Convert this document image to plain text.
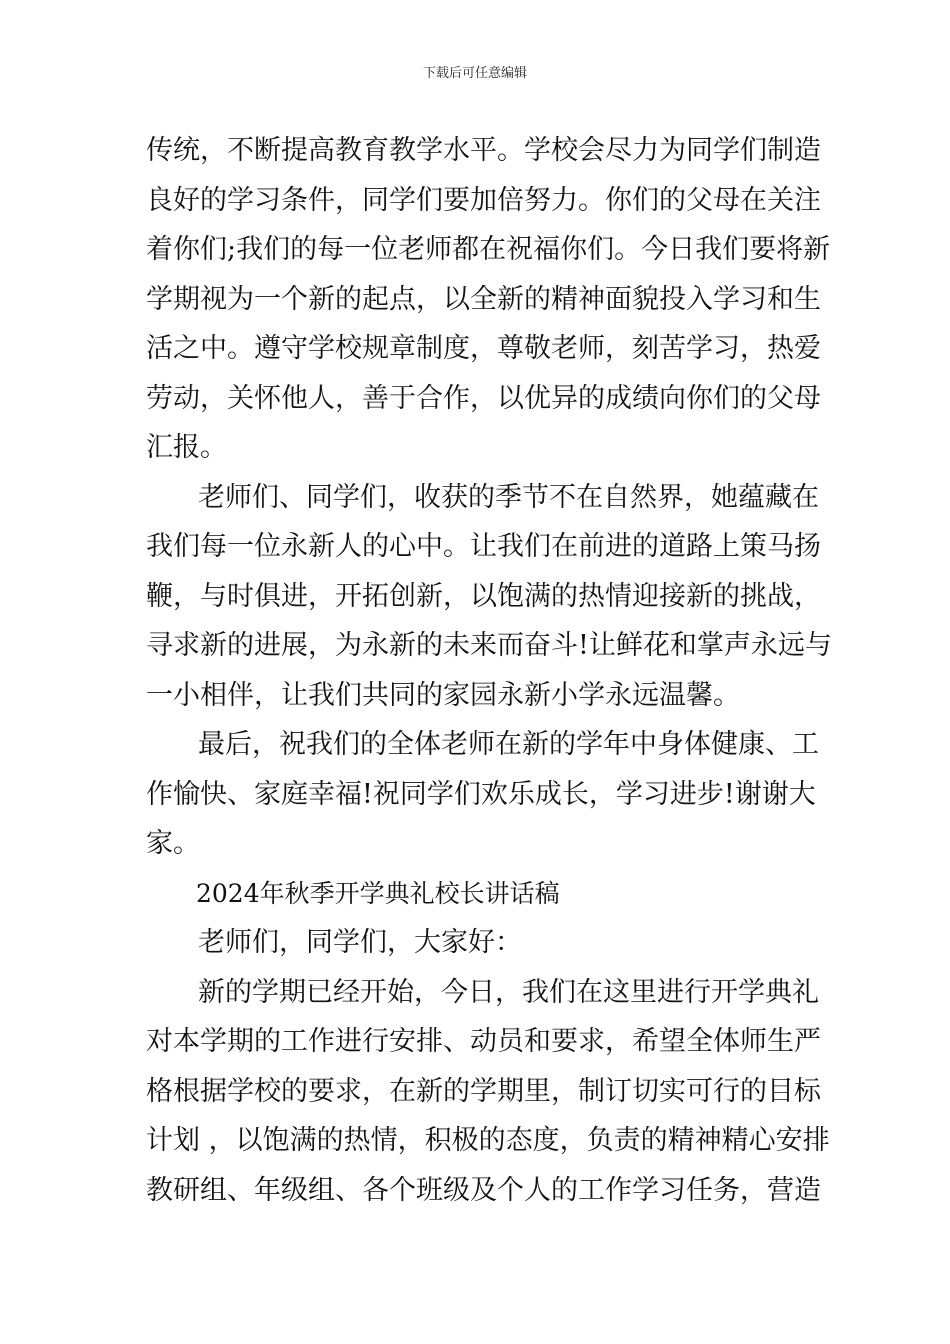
下载后可任意编辑
传统，不断提高教育教学水平。学校会尽力为同学们制造
良好的学习条件，同学们要加倍努力。你们的父母在关注
着你们;我们的每一位老师都在祝福你们。今日我们要将新
学期视为一个新的起点，以全新的精神面貌投入学习和生
活之中。遵守学校规章制度，尊敬老师，刻苦学习，热爱
劳动，关怀他人，善于合作，以优异的成绩向你们的父母
汇报。
老师们、同学们，收获的季节不在自然界，她蕴藏在
我们每一位永新人的心中。让我们在前进的道路上策马扬
鞭，与时俱进，开拓创新，以饱满的热情迎接新的挑战，
寻求新的进展，为永新的未来而奋斗!让鲜花和掌声永远与
一小相伴，让我们共同的家园永新小学永远温馨。
最后，祝我们的全体老师在新的学年中身体健康、工
作愉快、家庭幸福!祝同学们欢乐成长，学习进步!谢谢大
家。
2024年秋季开学典礼校长讲话稿
老师们，同学们，大家好：
新的学期已经开始，今日，我们在这里进行开学典礼
对本学期的工作进行安排、动员和要求，希望全体师生严
格根据学校的要求，在新的学期里，制订切实可行的目标
计划 ，以饱满的热情，积极的态度，负责的精神精心安排
教研组、年级组、各个班级及个人的工作学习任务，营造
